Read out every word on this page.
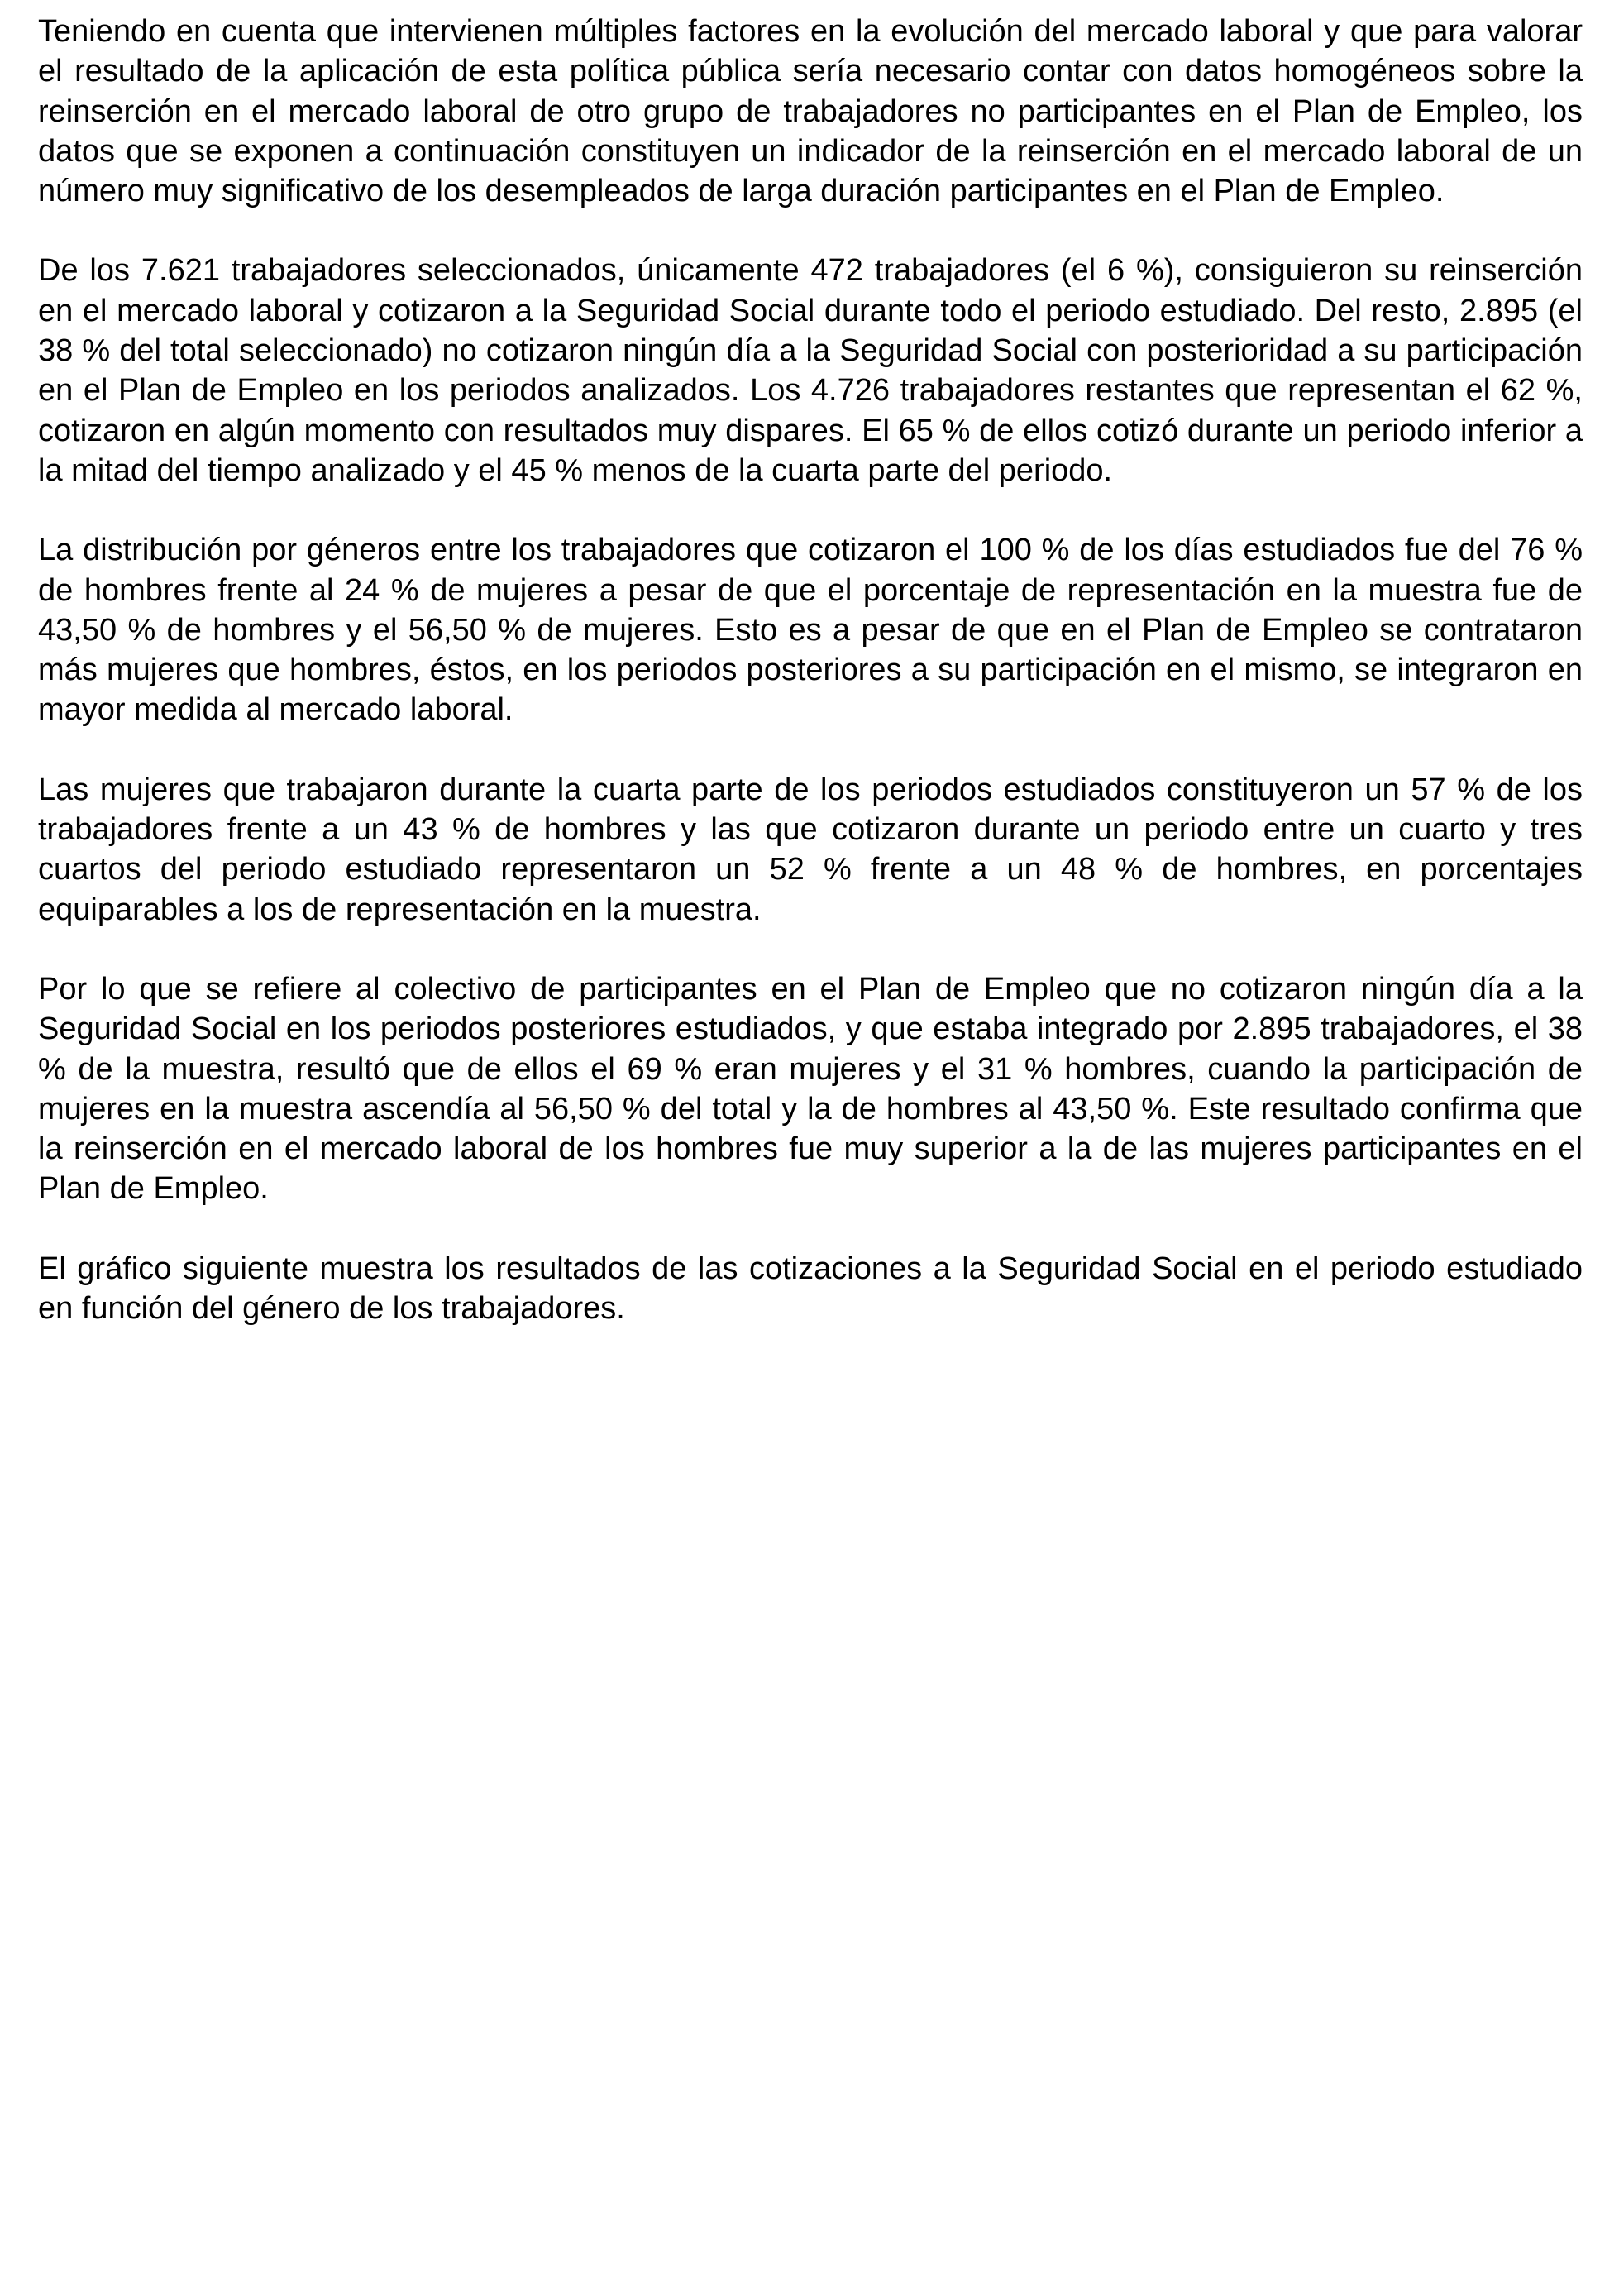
Teniendo en cuenta que intervienen múltiples factores en la evolución del mercado laboral y que para valorar el resultado de la aplicación de esta política pública sería necesario contar con datos homogéneos sobre la reinserción en el mercado laboral de otro grupo de trabajadores no participantes en el Plan de Empleo, los datos que se exponen a continuación constituyen un indicador de la reinserción en el mercado laboral de un número muy significativo de los desempleados de larga duración participantes en el Plan de Empleo.

De los 7.621 trabajadores seleccionados, únicamente 472 trabajadores (el 6 %), consiguieron su reinserción en el mercado laboral y cotizaron a la Seguridad Social durante todo el periodo estudiado. Del resto, 2.895 (el 38 % del total seleccionado) no cotizaron ningún día a la Seguridad Social con posterioridad a su participación en el Plan de Empleo en los periodos analizados. Los 4.726 trabajadores restantes que representan el 62 %, cotizaron en algún momento con resultados muy dispares. El 65 % de ellos cotizó durante un periodo inferior a la mitad del tiempo analizado y el 45 % menos de la cuarta parte del periodo.

La distribución por géneros entre los trabajadores que cotizaron el 100 % de los días estudiados fue del 76 % de hombres frente al 24 % de mujeres a pesar de que el porcentaje de representación en la muestra fue de 43,50 % de hombres y el 56,50 % de mujeres. Esto es a pesar de que en el Plan de Empleo se contrataron más mujeres que hombres, éstos, en los periodos posteriores a su participación en el mismo, se integraron en mayor medida al mercado laboral.

Las mujeres que trabajaron durante la cuarta parte de los periodos estudiados constituyeron un 57 % de los trabajadores frente a un 43 % de hombres y las que cotizaron durante un periodo entre un cuarto y tres cuartos del periodo estudiado representaron un 52 % frente a un 48 % de hombres, en porcentajes equiparables a los de representación en la muestra.

Por lo que se refiere al colectivo de participantes en el Plan de Empleo que no cotizaron ningún día a la Seguridad Social en los periodos posteriores estudiados, y que estaba integrado por 2.895 trabajadores, el 38 % de la muestra, resultó que de ellos el 69 % eran mujeres y el 31 % hombres, cuando la participación de mujeres en la muestra ascendía al 56,50 % del total y la de hombres al 43,50 %. Este resultado confirma que la reinserción en el mercado laboral de los hombres fue muy superior a la de las mujeres participantes en el Plan de Empleo.

El gráfico siguiente muestra los resultados de las cotizaciones a la Seguridad Social en el periodo estudiado en función del género de los trabajadores.
